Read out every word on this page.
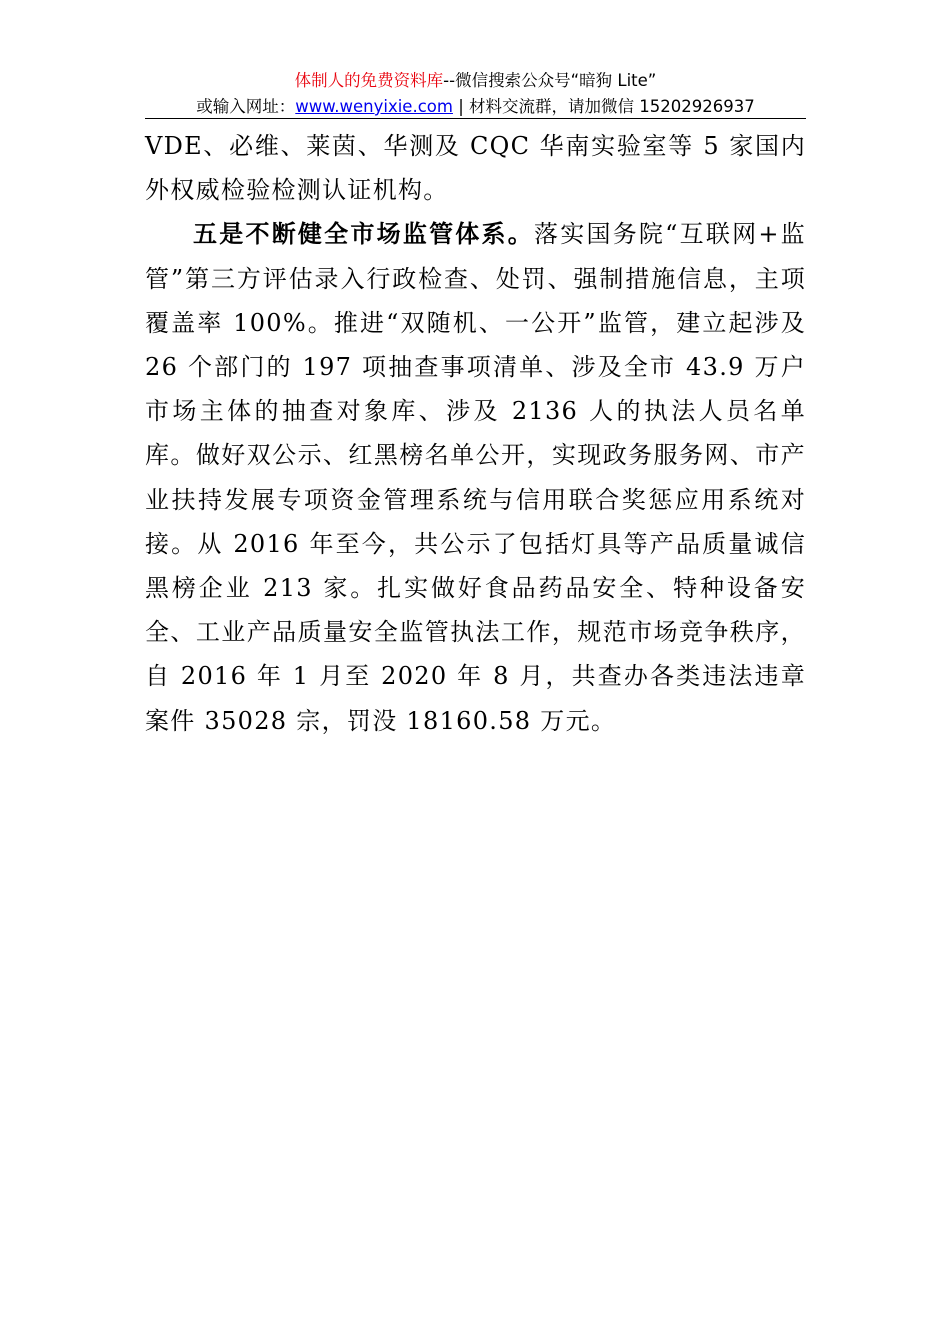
体制人的免费资料库--微信搜索公众号“暗狗 Lite”
或输入网址：www.wenyixie.com | 材料交流群，请加微信 15202926937

VDE、必维、莱茵、华测及 CQC 华南实验室等 5 家国内外权威检验检测认证机构。

五是不断健全市场监管体系。落实国务院“互联网+监管”第三方评估录入行政检查、处罚、强制措施信息，主项覆盖率 100%。推进“双随机、一公开”监管，建立起涉及 26 个部门的 197 项抽查事项清单、涉及全市 43.9 万户市场主体的抽查对象库、涉及 2136 人的执法人员名单库。做好双公示、红黑榜名单公开，实现政务服务网、市产业扶持发展专项资金管理系统与信用联合奖惩应用系统对接。从 2016 年至今，共公示了包括灯具等产品质量诚信黑榜企业 213 家。扎实做好食品药品安全、特种设备安全、工业产品质量安全监管执法工作，规范市场竞争秩序，自 2016 年 1 月至 2020 年 8 月，共查办各类违法违章案件 35028 宗，罚没 18160.58 万元。
